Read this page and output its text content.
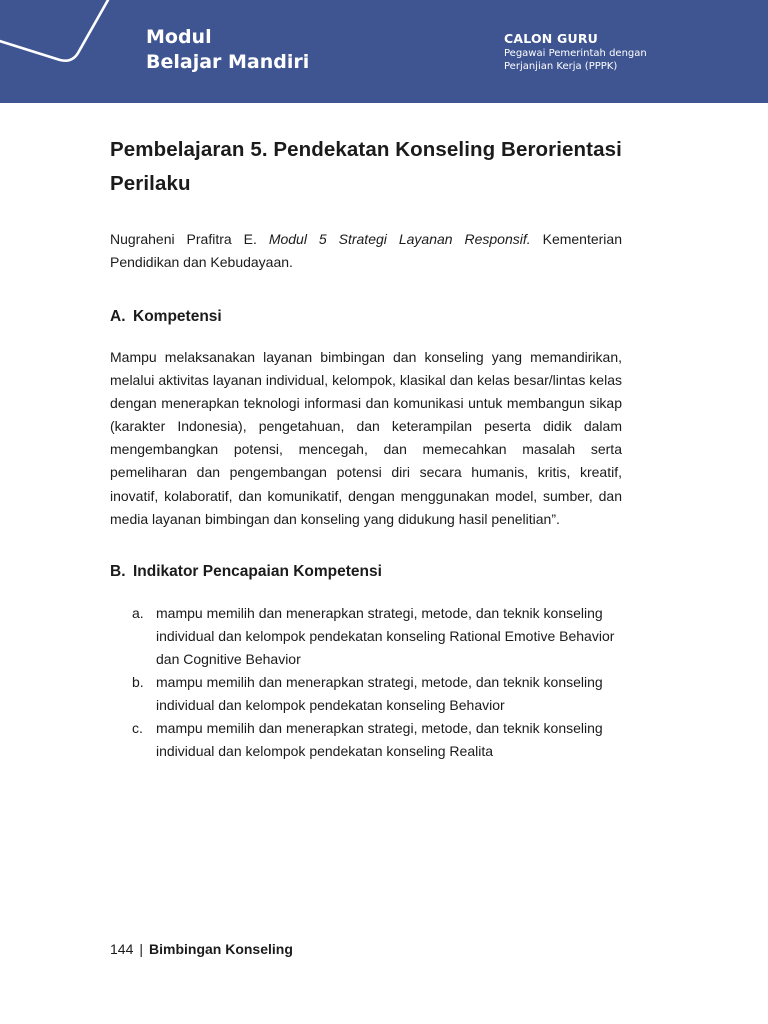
Modul
Belajar Mandiri
CALON GURU
Pegawai Pemerintah dengan
Perjanjian Kerja (PPPK)
Pembelajaran 5. Pendekatan Konseling Berorientasi Perilaku

Nugraheni Prafitra E. Modul 5 Strategi Layanan Responsif. Kementerian Pendidikan dan Kebudayaan.

A. Kompetensi

Mampu melaksanakan layanan bimbingan dan konseling yang memandirikan, melalui aktivitas layanan individual, kelompok, klasikal dan kelas besar/lintas kelas dengan menerapkan teknologi informasi dan komunikasi untuk membangun sikap (karakter Indonesia), pengetahuan, dan keterampilan peserta didik dalam mengembangkan potensi, mencegah, dan memecahkan masalah serta pemeliharan dan pengembangan potensi diri secara humanis, kritis, kreatif, inovatif, kolaboratif, dan komunikatif, dengan menggunakan model, sumber, dan media layanan bimbingan dan konseling yang didukung hasil penelitian”.

B. Indikator Pencapaian Kompetensi
a. mampu memilih dan menerapkan strategi, metode, dan teknik konseling individual dan kelompok pendekatan konseling Rational Emotive Behavior dan Cognitive Behavior
b. mampu memilih dan menerapkan strategi, metode, dan teknik konseling individual dan kelompok pendekatan konseling Behavior
c. mampu memilih dan menerapkan strategi, metode, dan teknik konseling individual dan kelompok pendekatan konseling Realita
144 | Bimbingan Konseling
